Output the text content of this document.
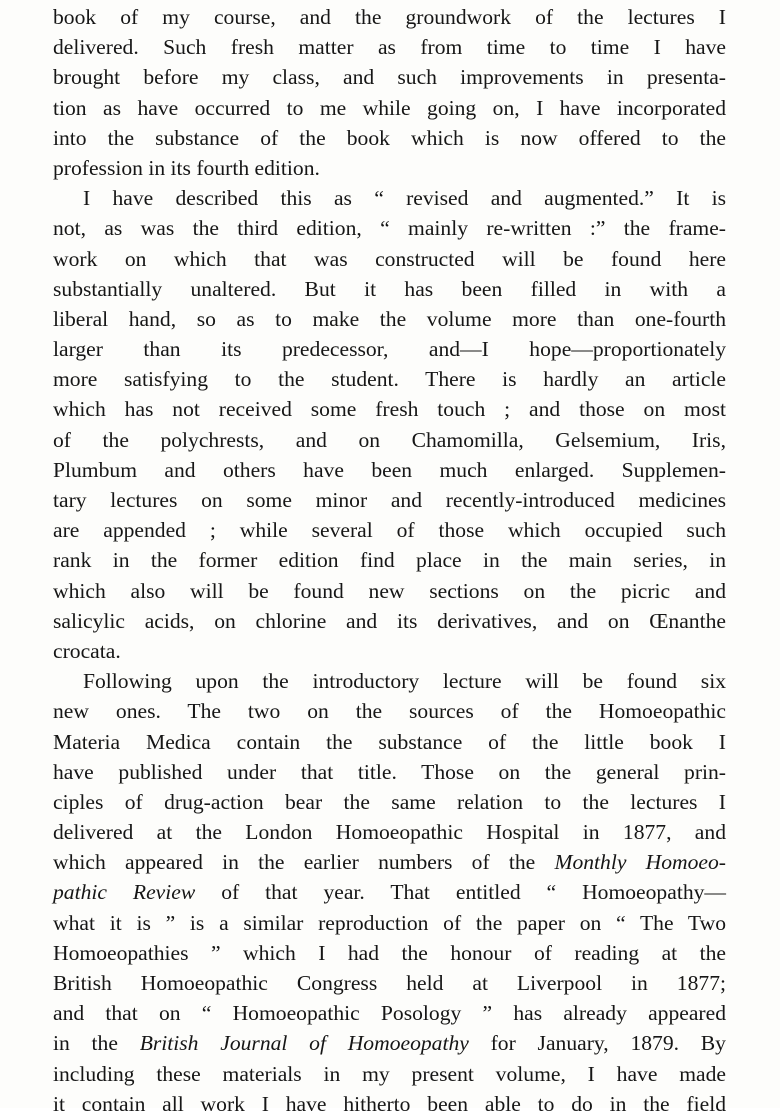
book of my course, and the groundwork of the lectures I
delivered. Such fresh matter as from time to time I have
brought before my class, and such improvements in presenta-
tion as have occurred to me while going on, I have incorporated
into the substance of the book which is now offered to the
profession in its fourth edition.
I have described this as “ revised and augmented.” It is
not, as was the third edition, “ mainly re-written :” the frame-
work on which that was constructed will be found here
substantially unaltered. But it has been filled in with a
liberal hand, so as to make the volume more than one-fourth
larger than its predecessor, and—I hope—proportionately
more satisfying to the student. There is hardly an article
which has not received some fresh touch ; and those on most
of the polychrests, and on Chamomilla, Gelsemium, Iris,
Plumbum and others have been much enlarged. Supplemen-
tary lectures on some minor and recently-introduced medicines
are appended ; while several of those which occupied such
rank in the former edition find place in the main series, in
which also will be found new sections on the picric and
salicylic acids, on chlorine and its derivatives, and on Œnanthe
crocata.
Following upon the introductory lecture will be found six
new ones. The two on the sources of the Homoeopathic
Materia Medica contain the substance of the little book I
have published under that title. Those on the general prin-
ciples of drug-action bear the same relation to the lectures I
delivered at the London Homoeopathic Hospital in 1877, and
which appeared in the earlier numbers of the Monthly Homoeo-
pathic Review of that year. That entitled “ Homoeopathy—
what it is ” is a similar reproduction of the paper on “ The Two
Homoeopathies ” which I had the honour of reading at the
British Homoeopathic Congress held at Liverpool in 1877;
and that on “ Homoeopathic Posology ” has already appeared
in the British Journal of Homoeopathy for January, 1879. By
including these materials in my present volume, I have made
it contain all work I have hitherto been able to do in the field
